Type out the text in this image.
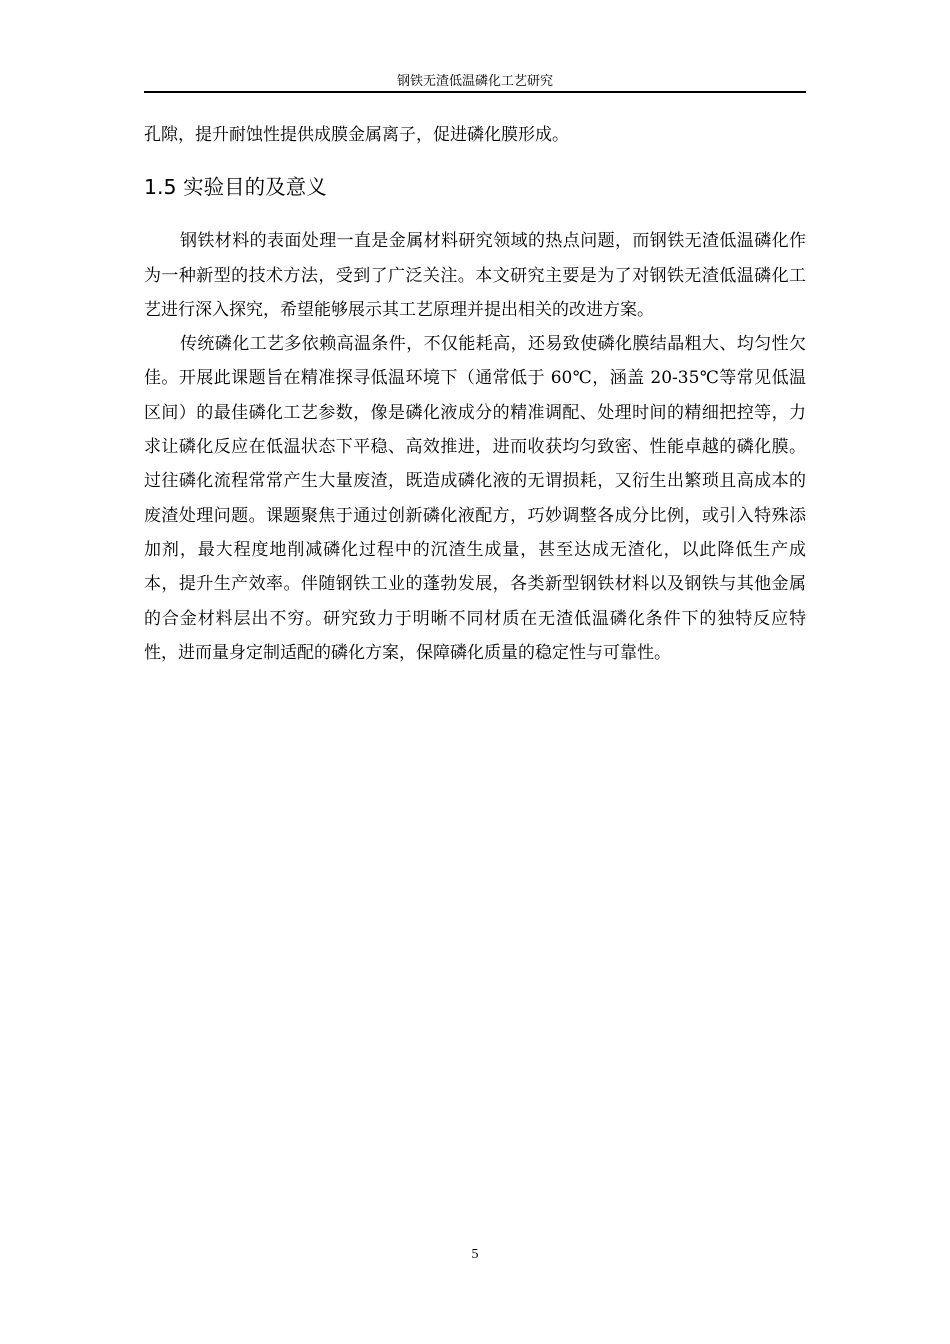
钢铁无渣低温磷化工艺研究

孔隙，提升耐蚀性提供成膜金属离子，促进磷化膜形成。

1.5 实验目的及意义

钢铁材料的表面处理一直是金属材料研究领域的热点问题，而钢铁无渣低温磷化作为一种新型的技术方法，受到了广泛关注。本文研究主要是为了对钢铁无渣低温磷化工艺进行深入探究，希望能够展示其工艺原理并提出相关的改进方案。

传统磷化工艺多依赖高温条件，不仅能耗高，还易致使磷化膜结晶粗大、均匀性欠佳。开展此课题旨在精准探寻低温环境下（通常低于 60℃，涵盖 20-35℃等常见低温区间）的最佳磷化工艺参数，像是磷化液成分的精准调配、处理时间的精细把控等，力求让磷化反应在低温状态下平稳、高效推进，进而收获均匀致密、性能卓越的磷化膜。过往磷化流程常常产生大量废渣，既造成磷化液的无谓损耗，又衍生出繁琐且高成本的废渣处理问题。课题聚焦于通过创新磷化液配方，巧妙调整各成分比例，或引入特殊添加剂，最大程度地削减磷化过程中的沉渣生成量，甚至达成无渣化，以此降低生产成本，提升生产效率。伴随钢铁工业的蓬勃发展，各类新型钢铁材料以及钢铁与其他金属的合金材料层出不穷。研究致力于明晰不同材质在无渣低温磷化条件下的独特反应特性，进而量身定制适配的磷化方案，保障磷化质量的稳定性与可靠性。

5
